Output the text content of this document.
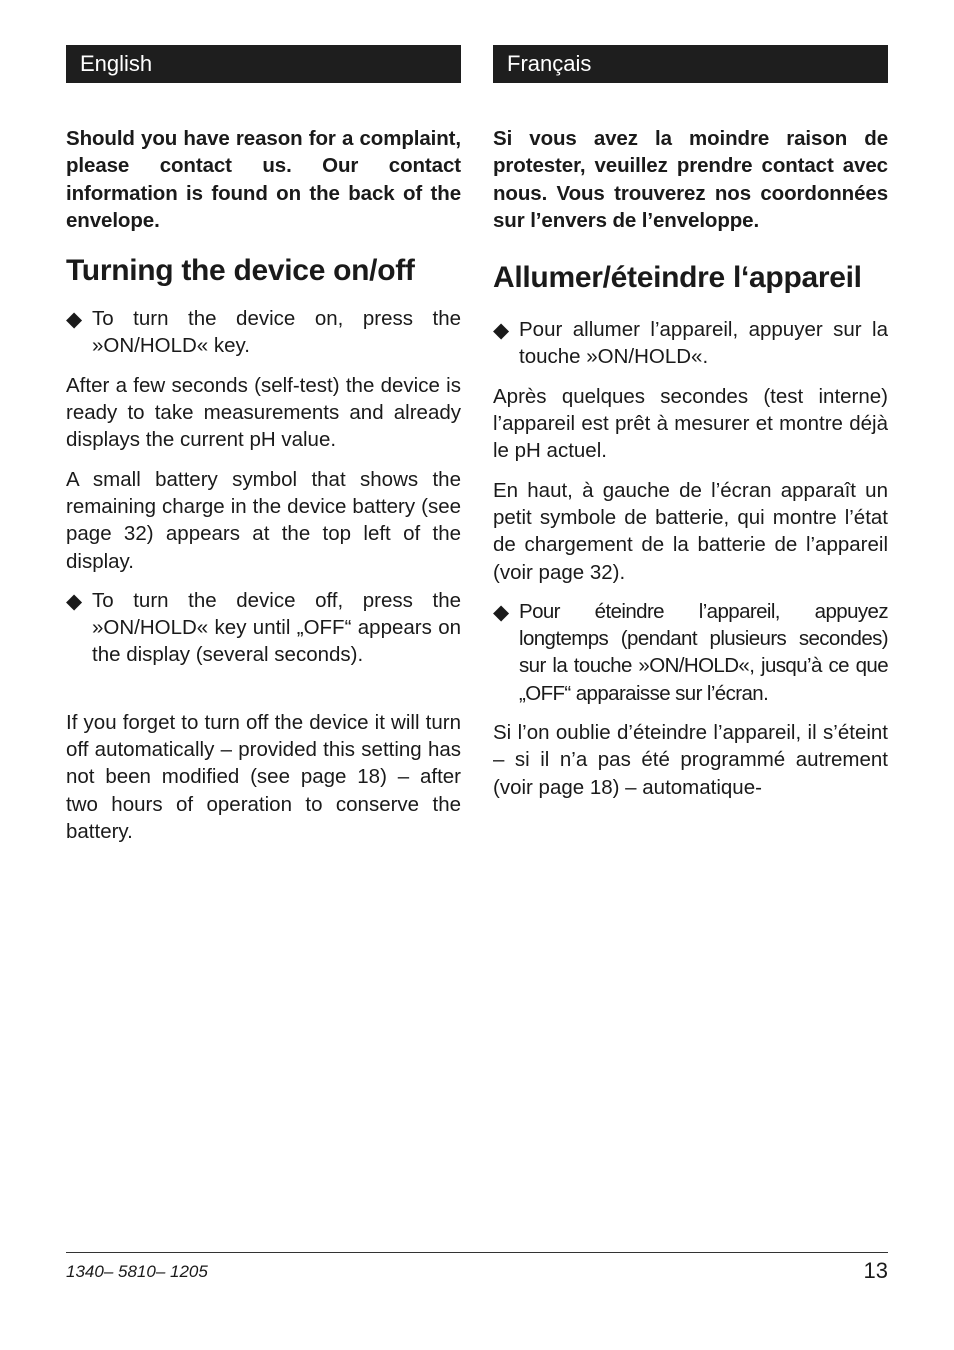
English

Should you have reason for a complaint, please contact us. Our contact information is found on the back of the envelope.

Turning the device on/off

◆ To turn the device on, press the »ON/HOLD« key.

After a few seconds (self-test) the device is ready to take measurements and already displays the current pH value.

A small battery symbol that shows the remaining charge in the device battery (see page 32) appears at the top left of the display.

◆ To turn the device off, press the »ON/HOLD« key until „OFF“ appears on the display (several seconds).

If you forget to turn off the device it will turn off automatically – provided this setting has not been modified (see page 18) – after two hours of operation to conserve the battery.

Français

Si vous avez la moindre raison de protester, veuillez prendre contact avec nous. Vous trouverez nos coordonnées sur l’envers de l’enveloppe.

Allumer/éteindre l‘appareil

◆ Pour allumer l’appareil, appuyer sur la touche »ON/HOLD«.

Après quelques secondes (test interne) l’appareil est prêt à mesurer et montre déjà le pH actuel.

En haut, à gauche de l’écran apparaît un petit symbole de batterie, qui montre l’état de chargement de la batterie de l’appareil (voir page 32).

◆ Pour éteindre l’appareil, appuyez longtemps (pendant plusieurs secondes) sur la touche »ON/HOLD«, jusqu’à ce que „OFF“ apparaisse sur l’écran.

Si l’on oublie d’éteindre l’appareil, il s’éteint – si il n’a pas été programmé autrement (voir page 18) – automatique-

1340– 5810– 1205	13
